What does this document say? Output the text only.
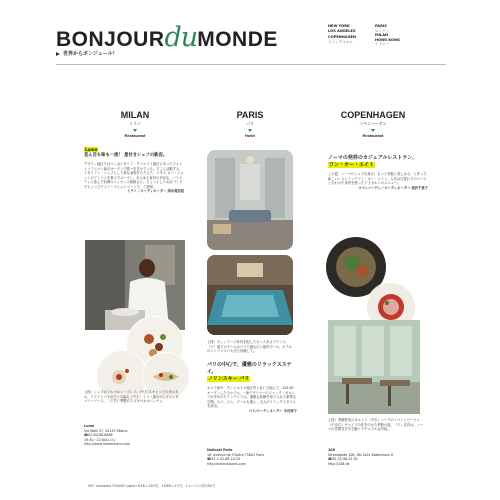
BONJOURduMONDE
世界からボンジュール！
NEW YORK
LOS ANGELES
COPENHAGEN
ストックホルム
PARIS
ロンドン
MILAN
HONG KONG
シドニー
MILAN
ミラノ
Restaurant
PARIS
パリ
Hotel
COPENHAGEN
コペンハーゲン
Restaurant
Lume
見ん目も味も一流！ 星付きシェフの新店。
デザイン地区ではつくばイタリア・クリエイト地区にあったフォトトリアとパン新店オープンで勝つを見せている。そこに活動する、イタリアン・シェフとして新な表現をたたえた、リモス ロー・シメットのアトリエを着々でオープン。あらゆる食材の多彩な、バラエティに富んだ料理のエッセンス新鮮さに、ちょっとしたお店づくりでちょっぴりスイーツとメトマートで、ご挨拶。
ミラノ／コーディネーター 岡本寛知延
上段）シェフのアルベルト・ブレリ。(中左)スキャンピのタルタル、ドライトマトのソース添え（下左）ミラノ風のパンナコッタ、ベリーソース。（下右）季節のスズキのカルパッチョ
Lume
Via Watt 37, 20143 Milano
☎02-80-88-8888
19:30～22:00(L.O.)
http://www.lumemilano.com
上段）ヴィンテージ家具を配したセンスあるラウンジ。（下）地下のプールはパリで最も広い屋内プール。ホテルのパノラマスパもぜひ体験して。
パリの中心で、優雅のリラックスステイ。
ノリンスキー パリ
オペラ座や、モントルイユ地区等と近い立地にて、2014年オープンした当ホテル。一流デザイナーのジャック・ガルシアが手がけたインテリアは、優雅な装飾を取り入れた豪華な空間。スパ、ジム、プールも備え、大人のリラックスタイムを演出。
パリ/コーディネーター 中村淳子
Nolinski Paris
16, avenue de l'Opéra 75001 Paris
☎33-1-42-86-10-10
http://nolinskiparis.com
ノーマの発祥のカジュアルレストラン、
ワン・オー・エイト
この夏、ノーマのシェフ自身が、もっと気軽に楽しめる、と作った新しいレストランでワン・オー・エイト。人気は日替わりのコースと合わせた食材を使ったアラカルトのメニュー。
コペンハーゲン／コーディネーター 深沢千恵子
上段）季節野菜のタルトと（中央）ハーブのトマトとビーツと（中央右）チャイブの花をのせた季節の皿。（下）店内は、ノーマの雰囲気を引き継ぐナチュラルな内装。
108
Strandgade 108, DK-1401 København K
☎45-32-96-32-92
http://108.dk
087 madame FIGARO japon ※1€=120円、1DKK=17円、1ユーロ=約130円
